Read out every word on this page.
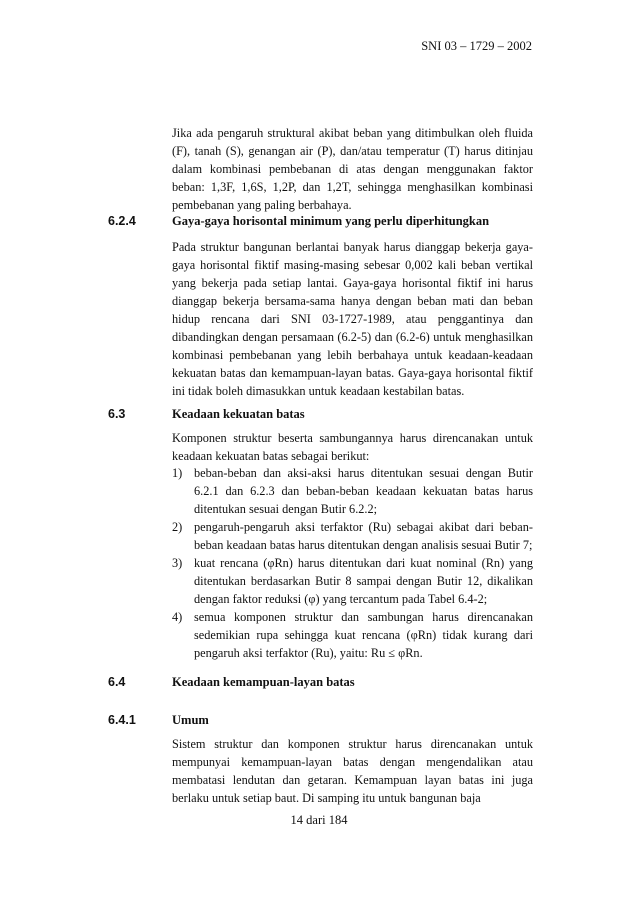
SNI 03 – 1729 – 2002

Jika ada pengaruh struktural akibat beban yang ditimbulkan oleh fluida (F), tanah (S), genangan air (P), dan/atau temperatur (T) harus ditinjau dalam kombinasi pembebanan di atas dengan menggunakan faktor beban: 1,3F, 1,6S, 1,2P, dan 1,2T, sehingga menghasilkan kombinasi pembebanan yang paling berbahaya.

6.2.4	Gaya-gaya horisontal minimum yang perlu diperhitungkan

Pada struktur bangunan berlantai banyak harus dianggap bekerja gaya-gaya horisontal fiktif masing-masing sebesar 0,002 kali beban vertikal yang bekerja pada setiap lantai. Gaya-gaya horisontal fiktif ini harus dianggap bekerja bersama-sama hanya dengan beban mati dan beban hidup rencana dari SNI 03-1727-1989, atau penggantinya dan dibandingkan dengan persamaan (6.2-5) dan (6.2-6) untuk menghasilkan kombinasi pembebanan yang lebih berbahaya untuk keadaan-keadaan kekuatan batas dan kemampuan-layan batas. Gaya-gaya horisontal fiktif ini tidak boleh dimasukkan untuk keadaan kestabilan batas.

6.3	Keadaan kekuatan batas

Komponen struktur beserta sambungannya harus direncanakan untuk keadaan kekuatan batas sebagai berikut:

1) beban-beban dan aksi-aksi harus ditentukan sesuai dengan Butir 6.2.1 dan 6.2.3 dan beban-beban keadaan kekuatan batas harus ditentukan sesuai dengan Butir 6.2.2;
2) pengaruh-pengaruh aksi terfaktor (Ru) sebagai akibat dari beban-beban keadaan batas harus ditentukan dengan analisis sesuai Butir 7;
3) kuat rencana (φRn) harus ditentukan dari kuat nominal (Rn) yang ditentukan berdasarkan Butir 8 sampai dengan Butir 12, dikalikan dengan faktor reduksi (φ) yang tercantum pada Tabel 6.4-2;
4) semua komponen struktur dan sambungan harus direncanakan sedemikian rupa sehingga kuat rencana (φRn) tidak kurang dari pengaruh aksi terfaktor (Ru), yaitu: Ru ≤ φRn.
6.4	Keadaan kemampuan-layan batas
6.4.1	Umum

Sistem struktur dan komponen struktur harus direncanakan untuk mempunyai kemampuan-layan batas dengan mengendalikan atau membatasi lendutan dan getaran. Kemampuan layan batas ini juga berlaku untuk setiap baut. Di samping itu untuk bangunan baja

14 dari 184
